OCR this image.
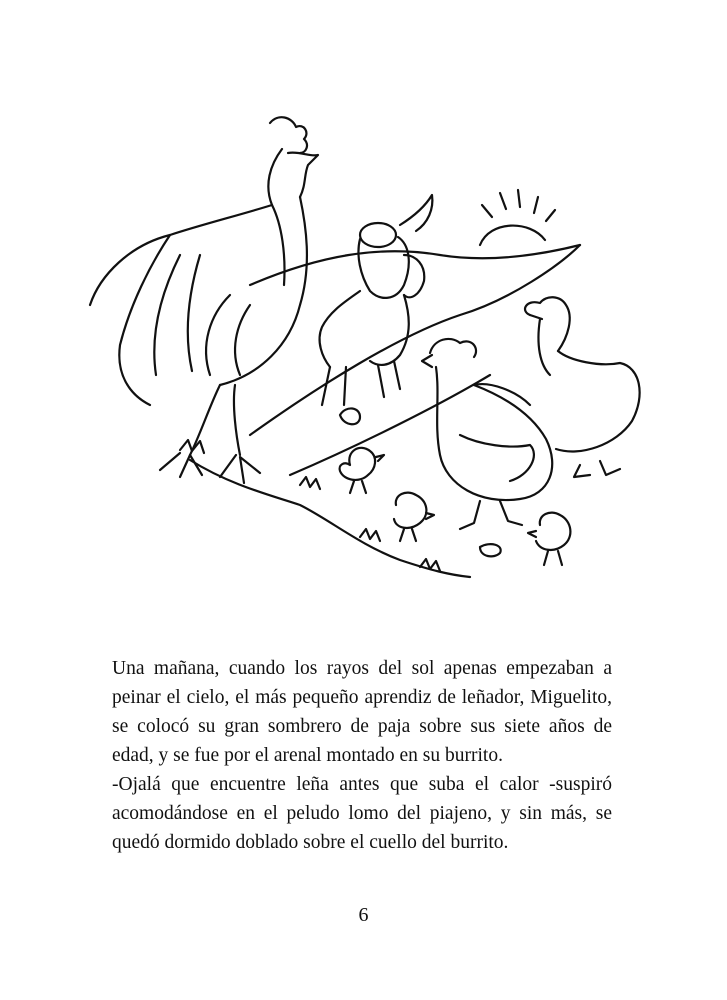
Una mañana, cuando los rayos del sol apenas empezaban a peinar el cielo, el más pequeño aprendiz de leñador, Miguelito, se colocó su gran sombrero de paja sobre sus siete años de edad, y se fue por el arenal montado en su burrito.

-Ojalá que encuentre leña antes que suba el calor -suspiró acomodándose en el peludo lomo del piajeno, y sin más, se quedó dormido doblado sobre el cuello del burrito.

6
